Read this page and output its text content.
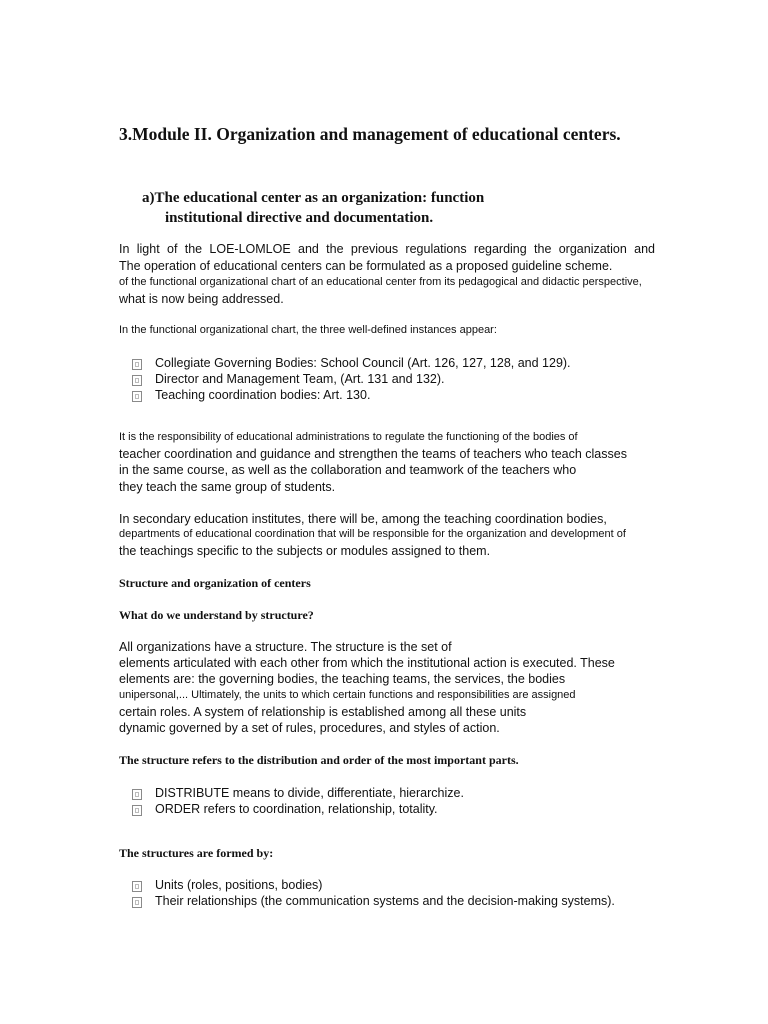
3.Module II. Organization and management of educational centers.
a)The educational center as an organization: function
institutional directive and documentation.
In light of the LOE-LOMLOE and the previous regulations regarding the organization and
The operation of educational centers can be formulated as a proposed guideline scheme.
of the functional organizational chart of an educational center from its pedagogical and didactic perspective,
what is now being addressed.
In the functional organizational chart, the three well-defined instances appear:
Collegiate Governing Bodies: School Council (Art. 126, 127, 128, and 129).
Director and Management Team, (Art. 131 and 132).
Teaching coordination bodies: Art. 130.
It is the responsibility of educational administrations to regulate the functioning of the bodies of
teacher coordination and guidance and strengthen the teams of teachers who teach classes
in the same course, as well as the collaboration and teamwork of the teachers who
they teach the same group of students.
In secondary education institutes, there will be, among the teaching coordination bodies,
departments of educational coordination that will be responsible for the organization and development of
the teachings specific to the subjects or modules assigned to them.
Structure and organization of centers
What do we understand by structure?
All organizations have a structure. The structure is the set of
elements articulated with each other from which the institutional action is executed. These
elements are: the governing bodies, the teaching teams, the services, the bodies
unipersonal,... Ultimately, the units to which certain functions and responsibilities are assigned
certain roles. A system of relationship is established among all these units
dynamic governed by a set of rules, procedures, and styles of action.
The structure refers to the distribution and order of the most important parts.
DISTRIBUTE means to divide, differentiate, hierarchize.
ORDER refers to coordination, relationship, totality.
The structures are formed by:
Units (roles, positions, bodies)
Their relationships (the communication systems and the decision-making systems).
